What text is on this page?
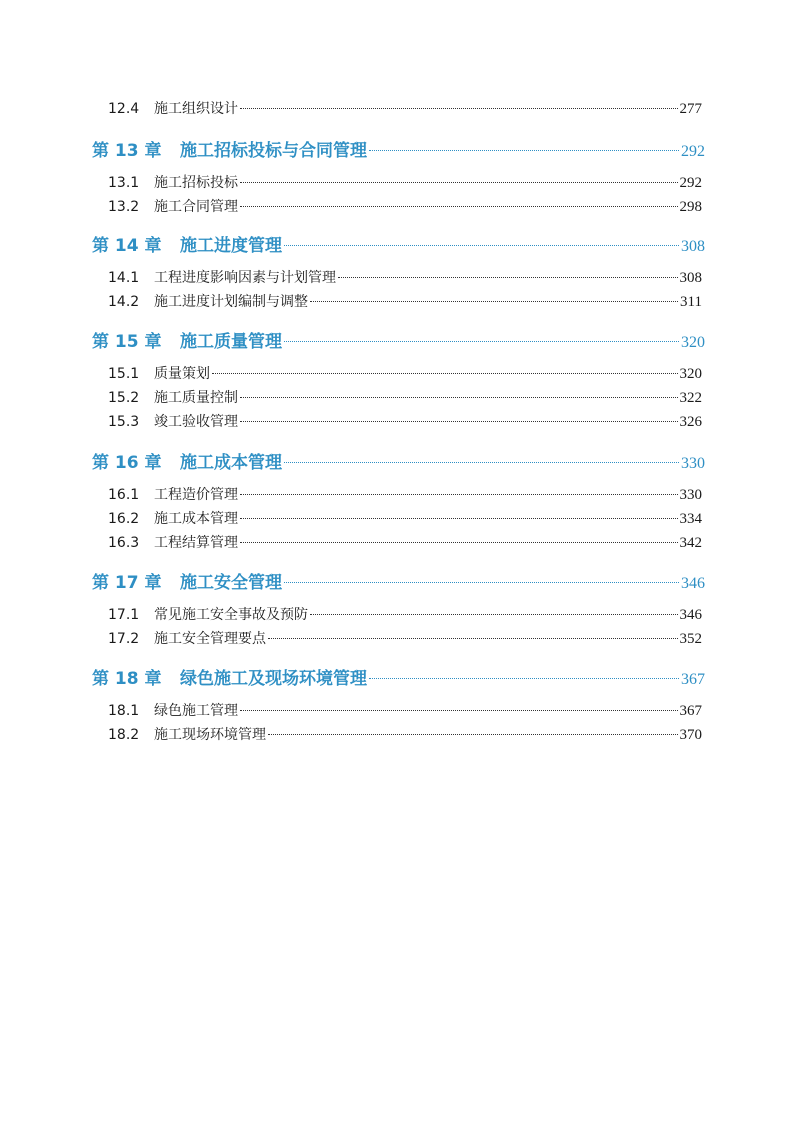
12.4	施工组织设计	277
第 13 章	施工招标投标与合同管理	292
13.1	施工招标投标	292
13.2	施工合同管理	298
第 14 章	施工进度管理	308
14.1	工程进度影响因素与计划管理	308
14.2	施工进度计划编制与调整	311
第 15 章	施工质量管理	320
15.1	质量策划	320
15.2	施工质量控制	322
15.3	竣工验收管理	326
第 16 章	施工成本管理	330
16.1	工程造价管理	330
16.2	施工成本管理	334
16.3	工程结算管理	342
第 17 章	施工安全管理	346
17.1	常见施工安全事故及预防	346
17.2	施工安全管理要点	352
第 18 章	绿色施工及现场环境管理	367
18.1	绿色施工管理	367
18.2	施工现场环境管理	370
